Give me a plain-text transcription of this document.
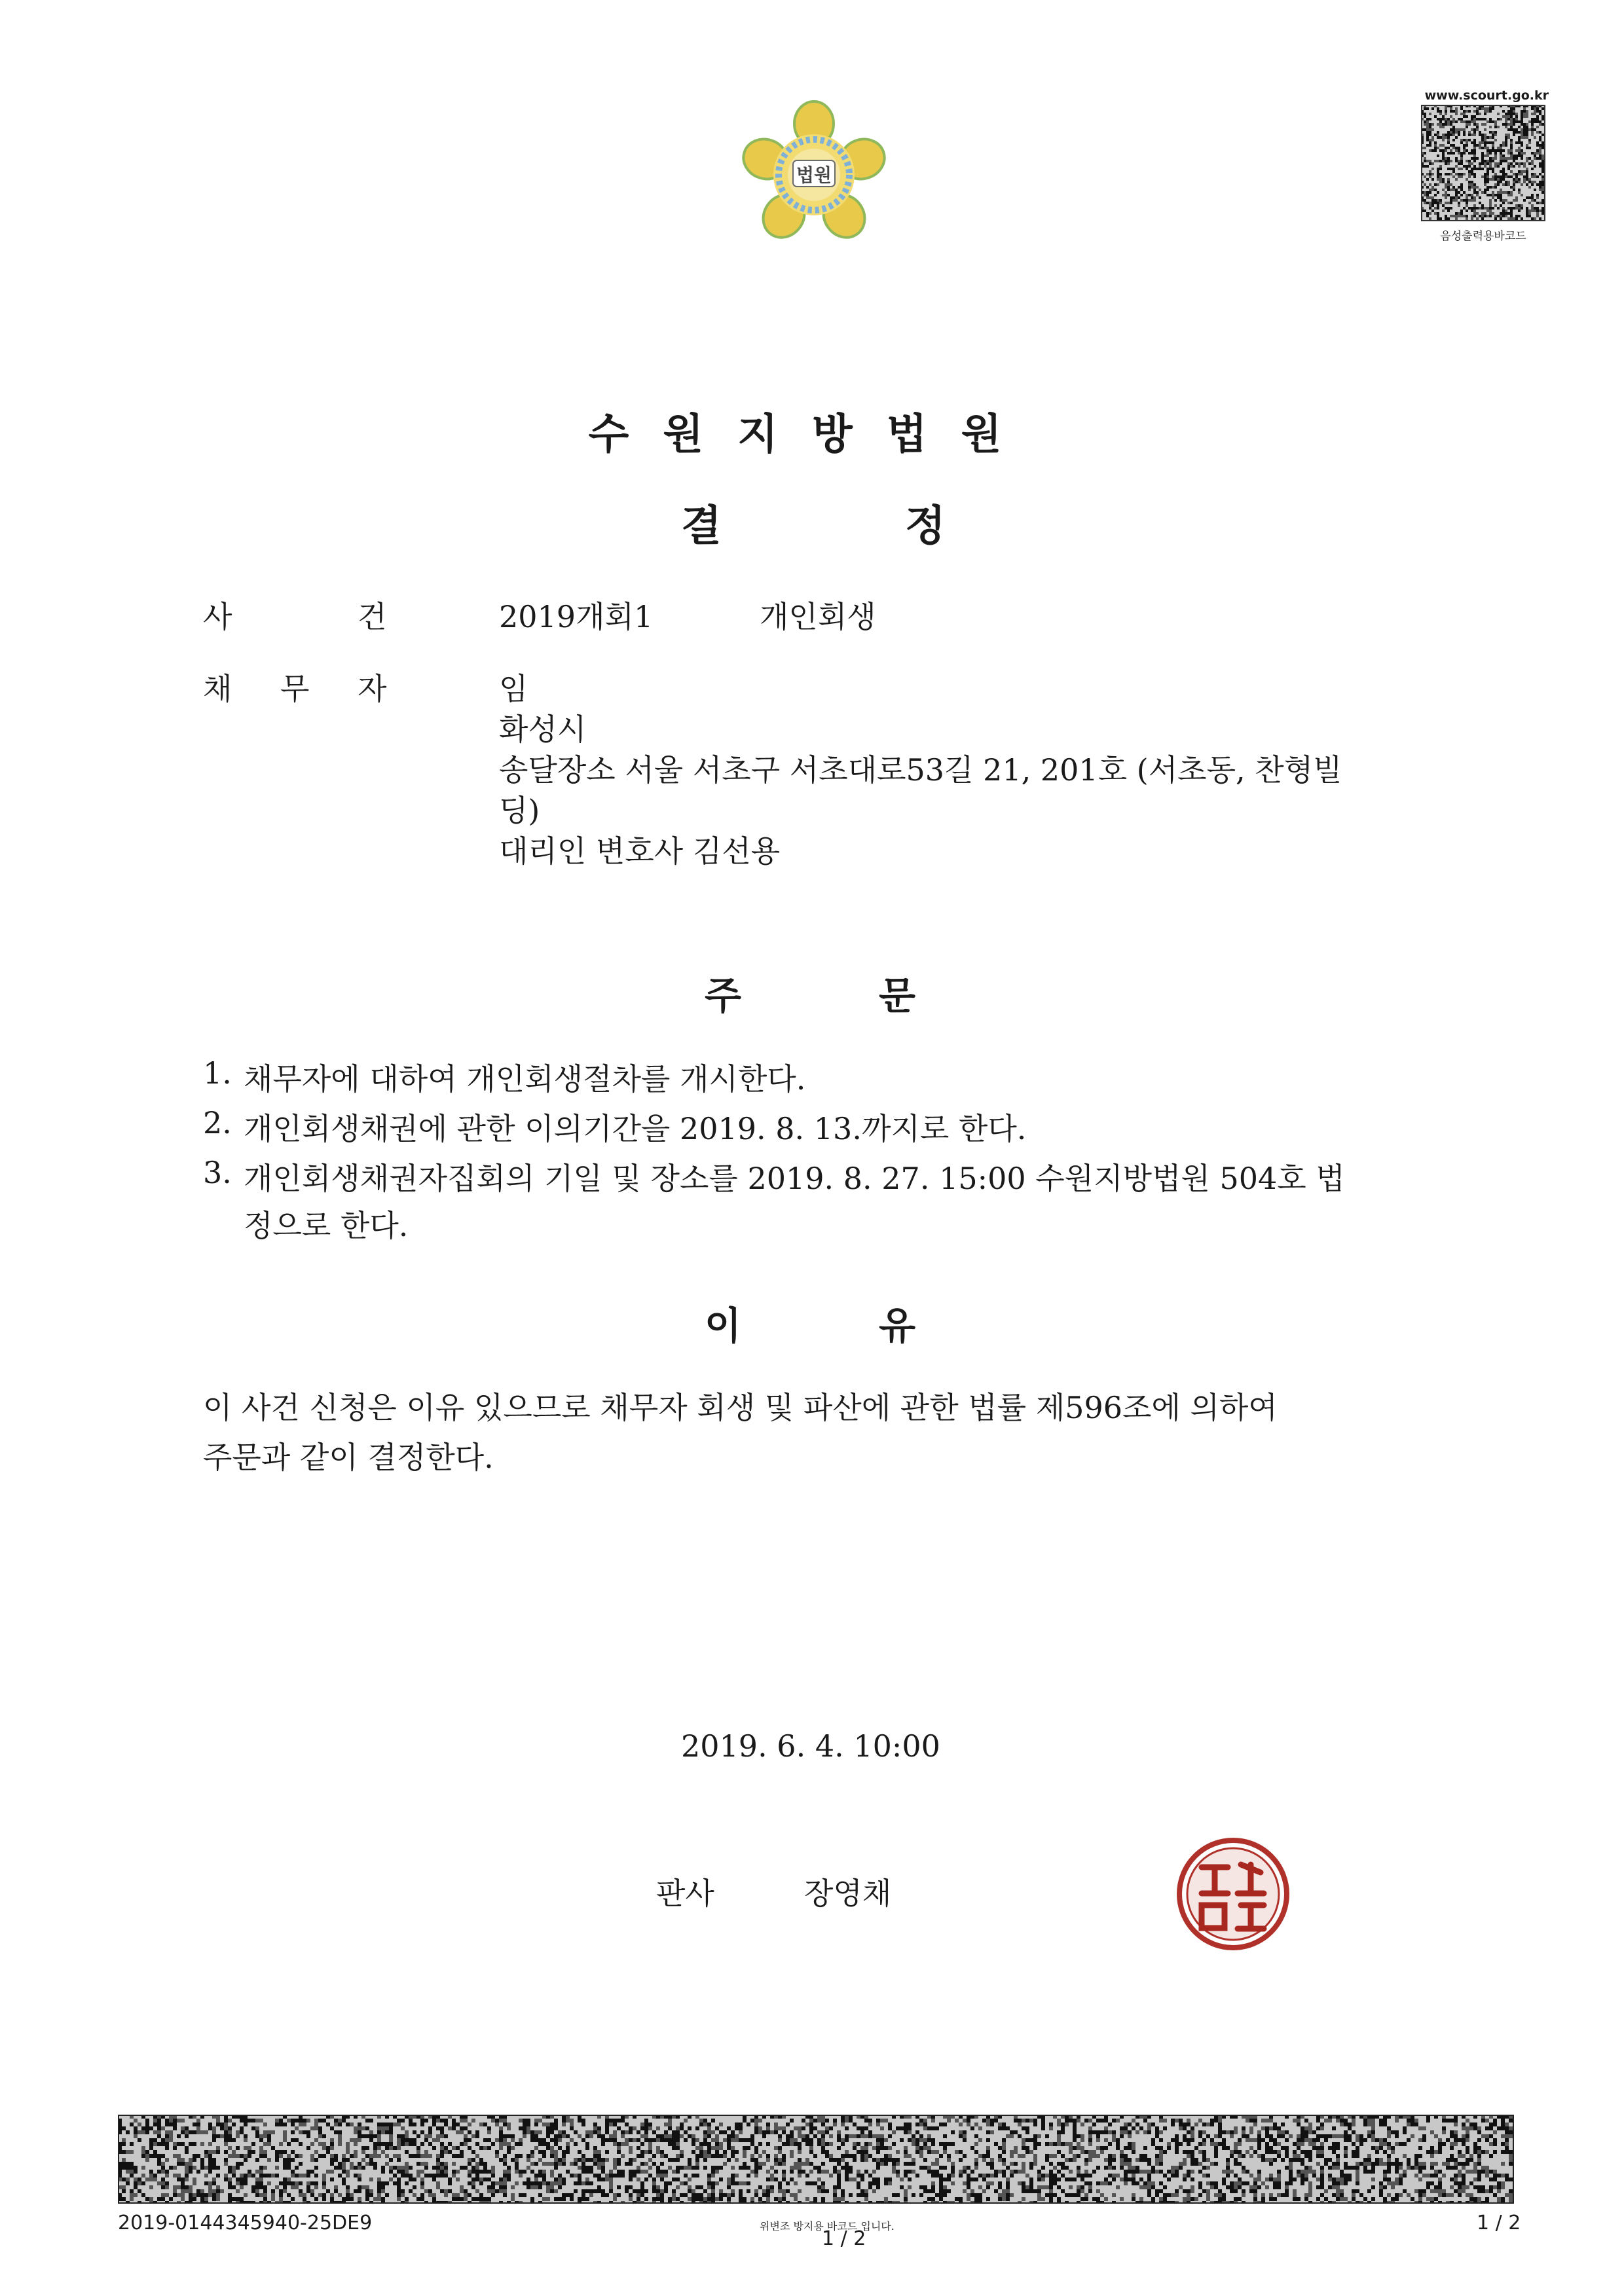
법원
www.scourt.go.kr
음성출력용바코드
수원지방법원
결	정
사	건	2019개회1	개인회생
채 무 자	임
화성시
송달장소 서울 서초구 서초대로53길 21, 201호 (서초동, 찬형빌
딩)
대리인 변호사 김선용
주	문
1. 채무자에 대하여 개인회생절차를 개시한다.
2. 개인회생채권에 관한 이의기간을 2019. 8. 13.까지로 한다.
3. 개인회생채권자집회의 기일 및 장소를 2019. 8. 27. 15:00 수원지방법원 504호 법
정으로 한다.
이	유
이 사건 신청은 이유 있으므로 채무자 회생 및 파산에 관한 법률 제596조에 의하여
주문과 같이 결정한다.
2019. 6. 4. 10:00
판사	장영채
2019-0144345940-25DE9	위변조 방지용 바코드 입니다.
1 / 2
1 / 2
